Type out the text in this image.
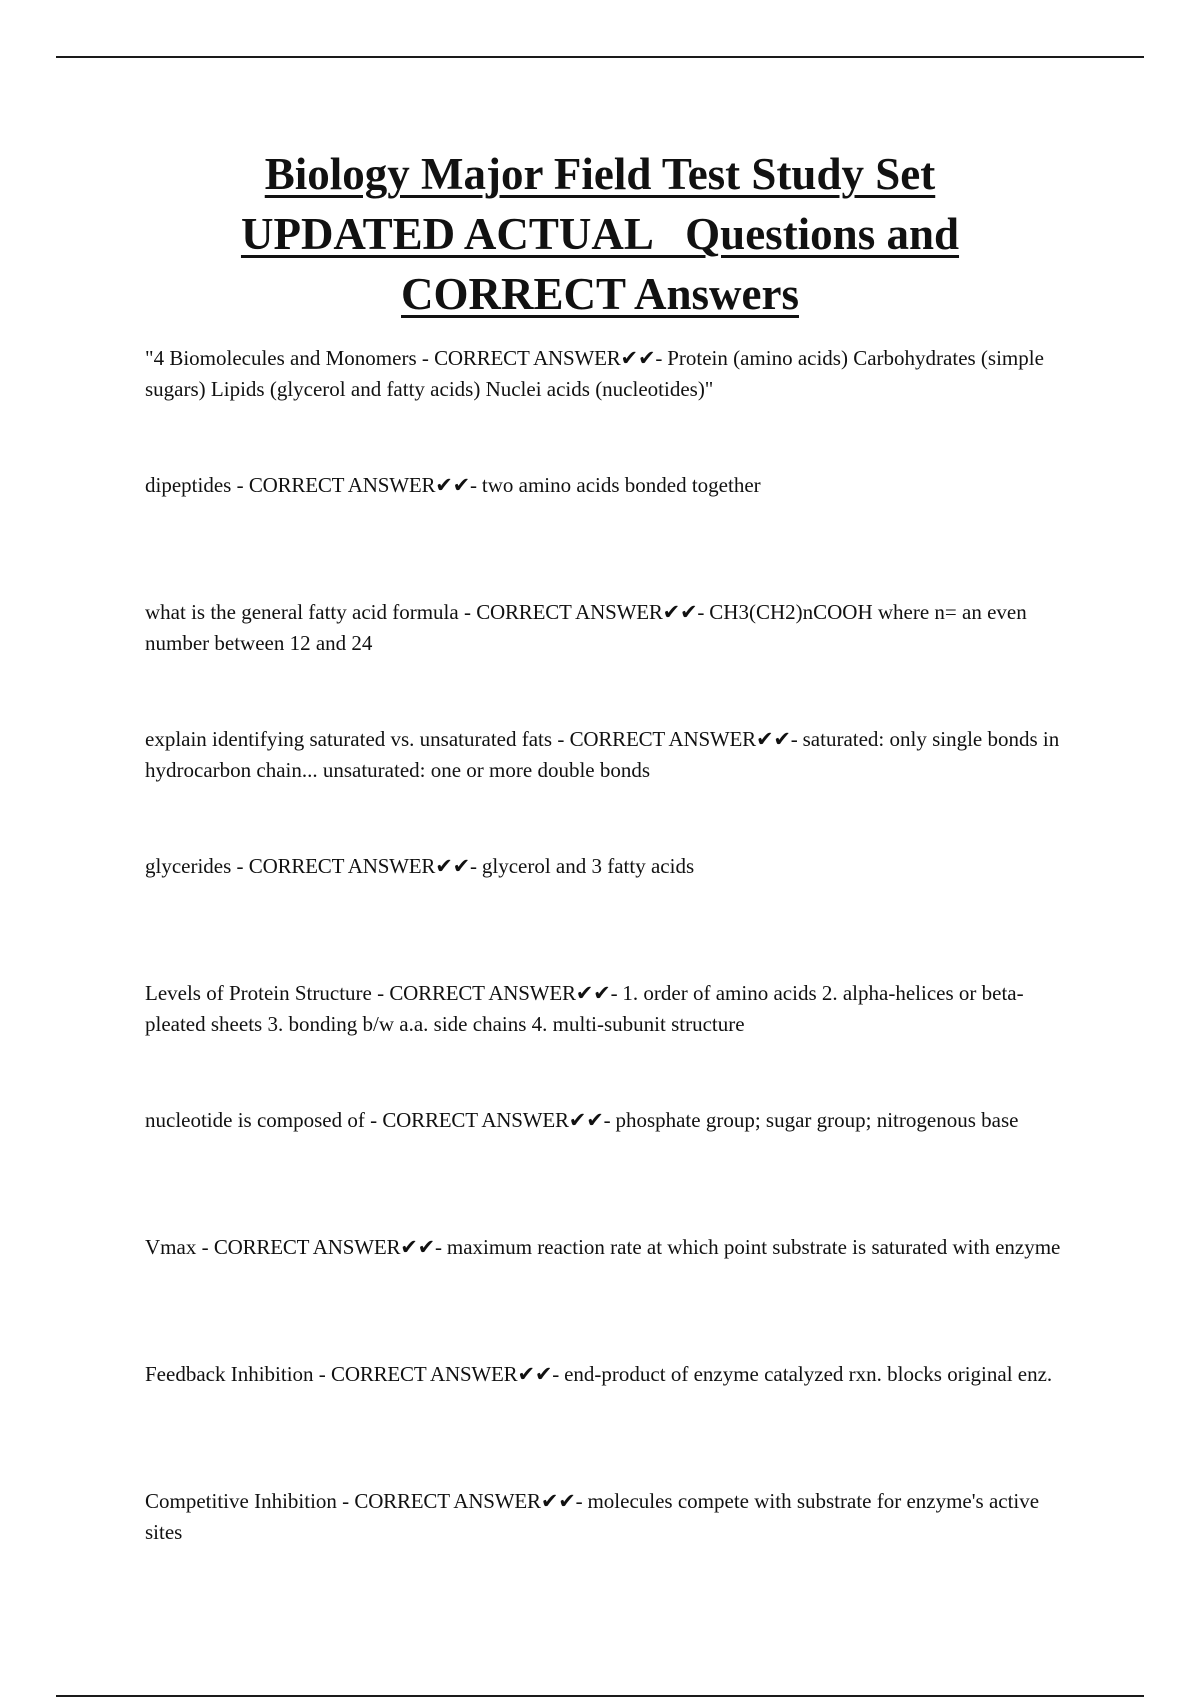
Biology Major Field Test Study Set
UPDATED ACTUAL   Questions and
CORRECT Answers
"4 Biomolecules and Monomers - CORRECT ANSWER✔✔- Protein (amino acids) Carbohydrates (simple sugars) Lipids (glycerol and fatty acids) Nuclei acids (nucleotides)"
dipeptides - CORRECT ANSWER✔✔- two amino acids bonded together
what is the general fatty acid formula - CORRECT ANSWER✔✔- CH3(CH2)nCOOH where n= an even number between 12 and 24
explain identifying saturated vs. unsaturated fats - CORRECT ANSWER✔✔- saturated: only single bonds in hydrocarbon chain... unsaturated: one or more double bonds
glycerides - CORRECT ANSWER✔✔- glycerol and 3 fatty acids
Levels of Protein Structure - CORRECT ANSWER✔✔- 1. order of amino acids 2. alpha-helices or beta-pleated sheets 3. bonding b/w a.a. side chains 4. multi-subunit structure
nucleotide is composed of - CORRECT ANSWER✔✔- phosphate group; sugar group; nitrogenous base
Vmax - CORRECT ANSWER✔✔- maximum reaction rate at which point substrate is saturated with enzyme
Feedback Inhibition - CORRECT ANSWER✔✔- end-product of enzyme catalyzed rxn. blocks original enz.
Competitive Inhibition - CORRECT ANSWER✔✔- molecules compete with substrate for enzyme's active sites
